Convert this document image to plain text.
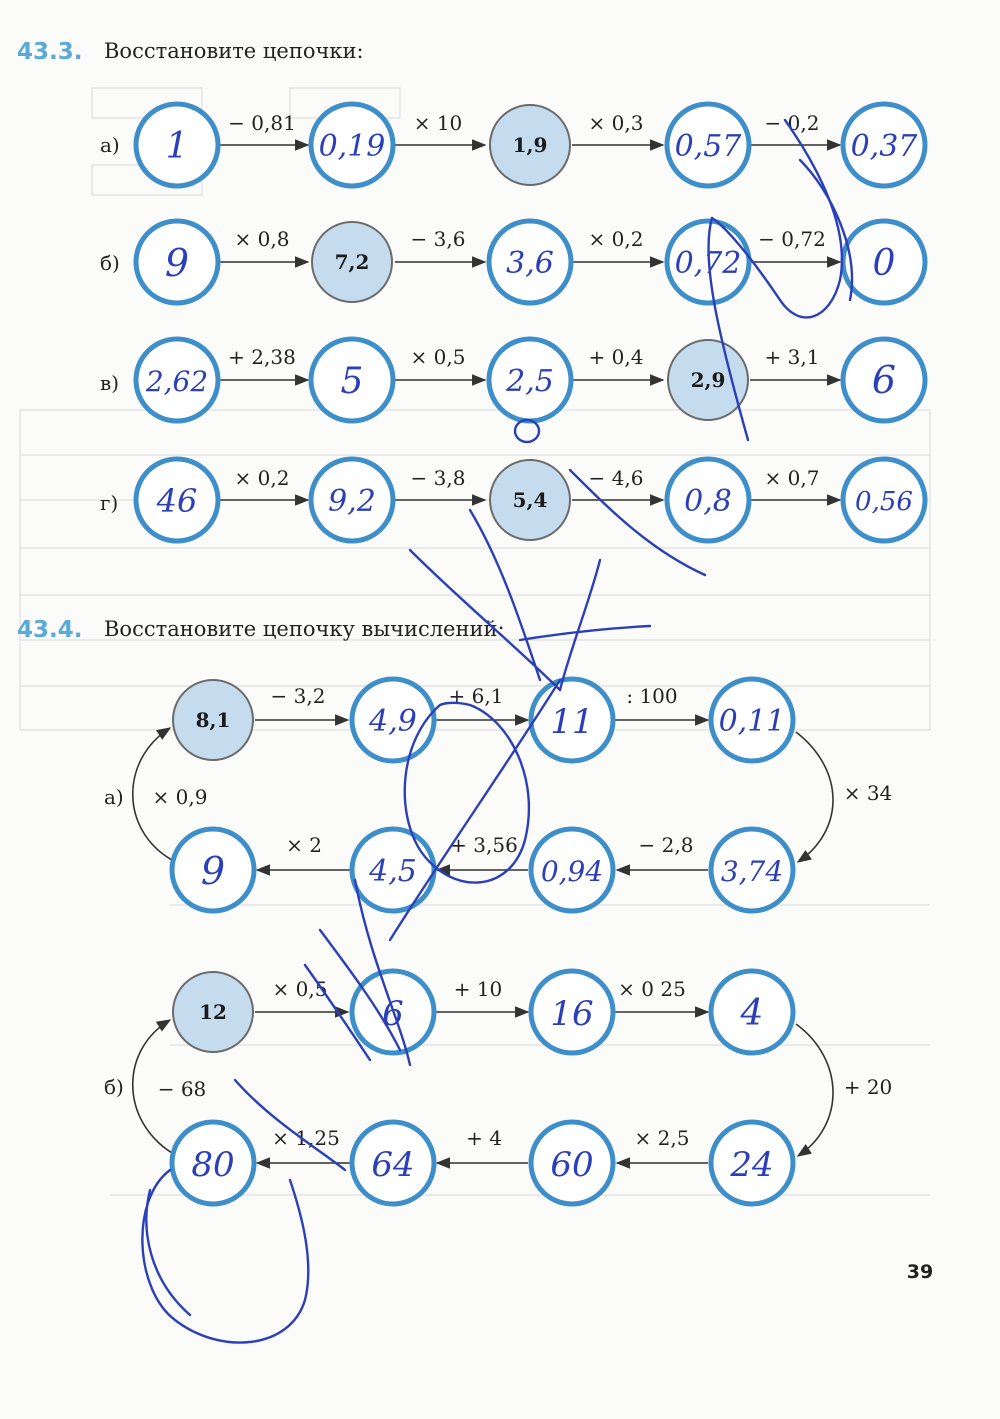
43.3. Восстановите цепочки:
а)
− 0,81	× 10	× 0,3	− 0,2
1	0,19	1,9	0,57	0,37
б)
× 0,8	− 3,6	× 0,2	− 0,72
9	7,2	3,6	0,72	0
в)
+ 2,38	× 0,5	+ 0,4	+ 3,1
2,62	5	2,5	2,9	6
г)
× 0,2	− 3,8	− 4,6	× 0,7
46	9,2	5,4	0,8	0,56
43.4. Восстановите цепочку вычислений:
а)
− 3,2	+ 6,1	: 100
× 34
− 2,8
+ 3,56
× 2
× 0,9
8,1	4,9	11	0,11
9	4,5	0,94	3,74
б)
× 0,5	+ 10	× 0 25
+ 20
× 2,5
+ 4
× 1,25
− 68
12	6	16	4
80	64	60	24
39
